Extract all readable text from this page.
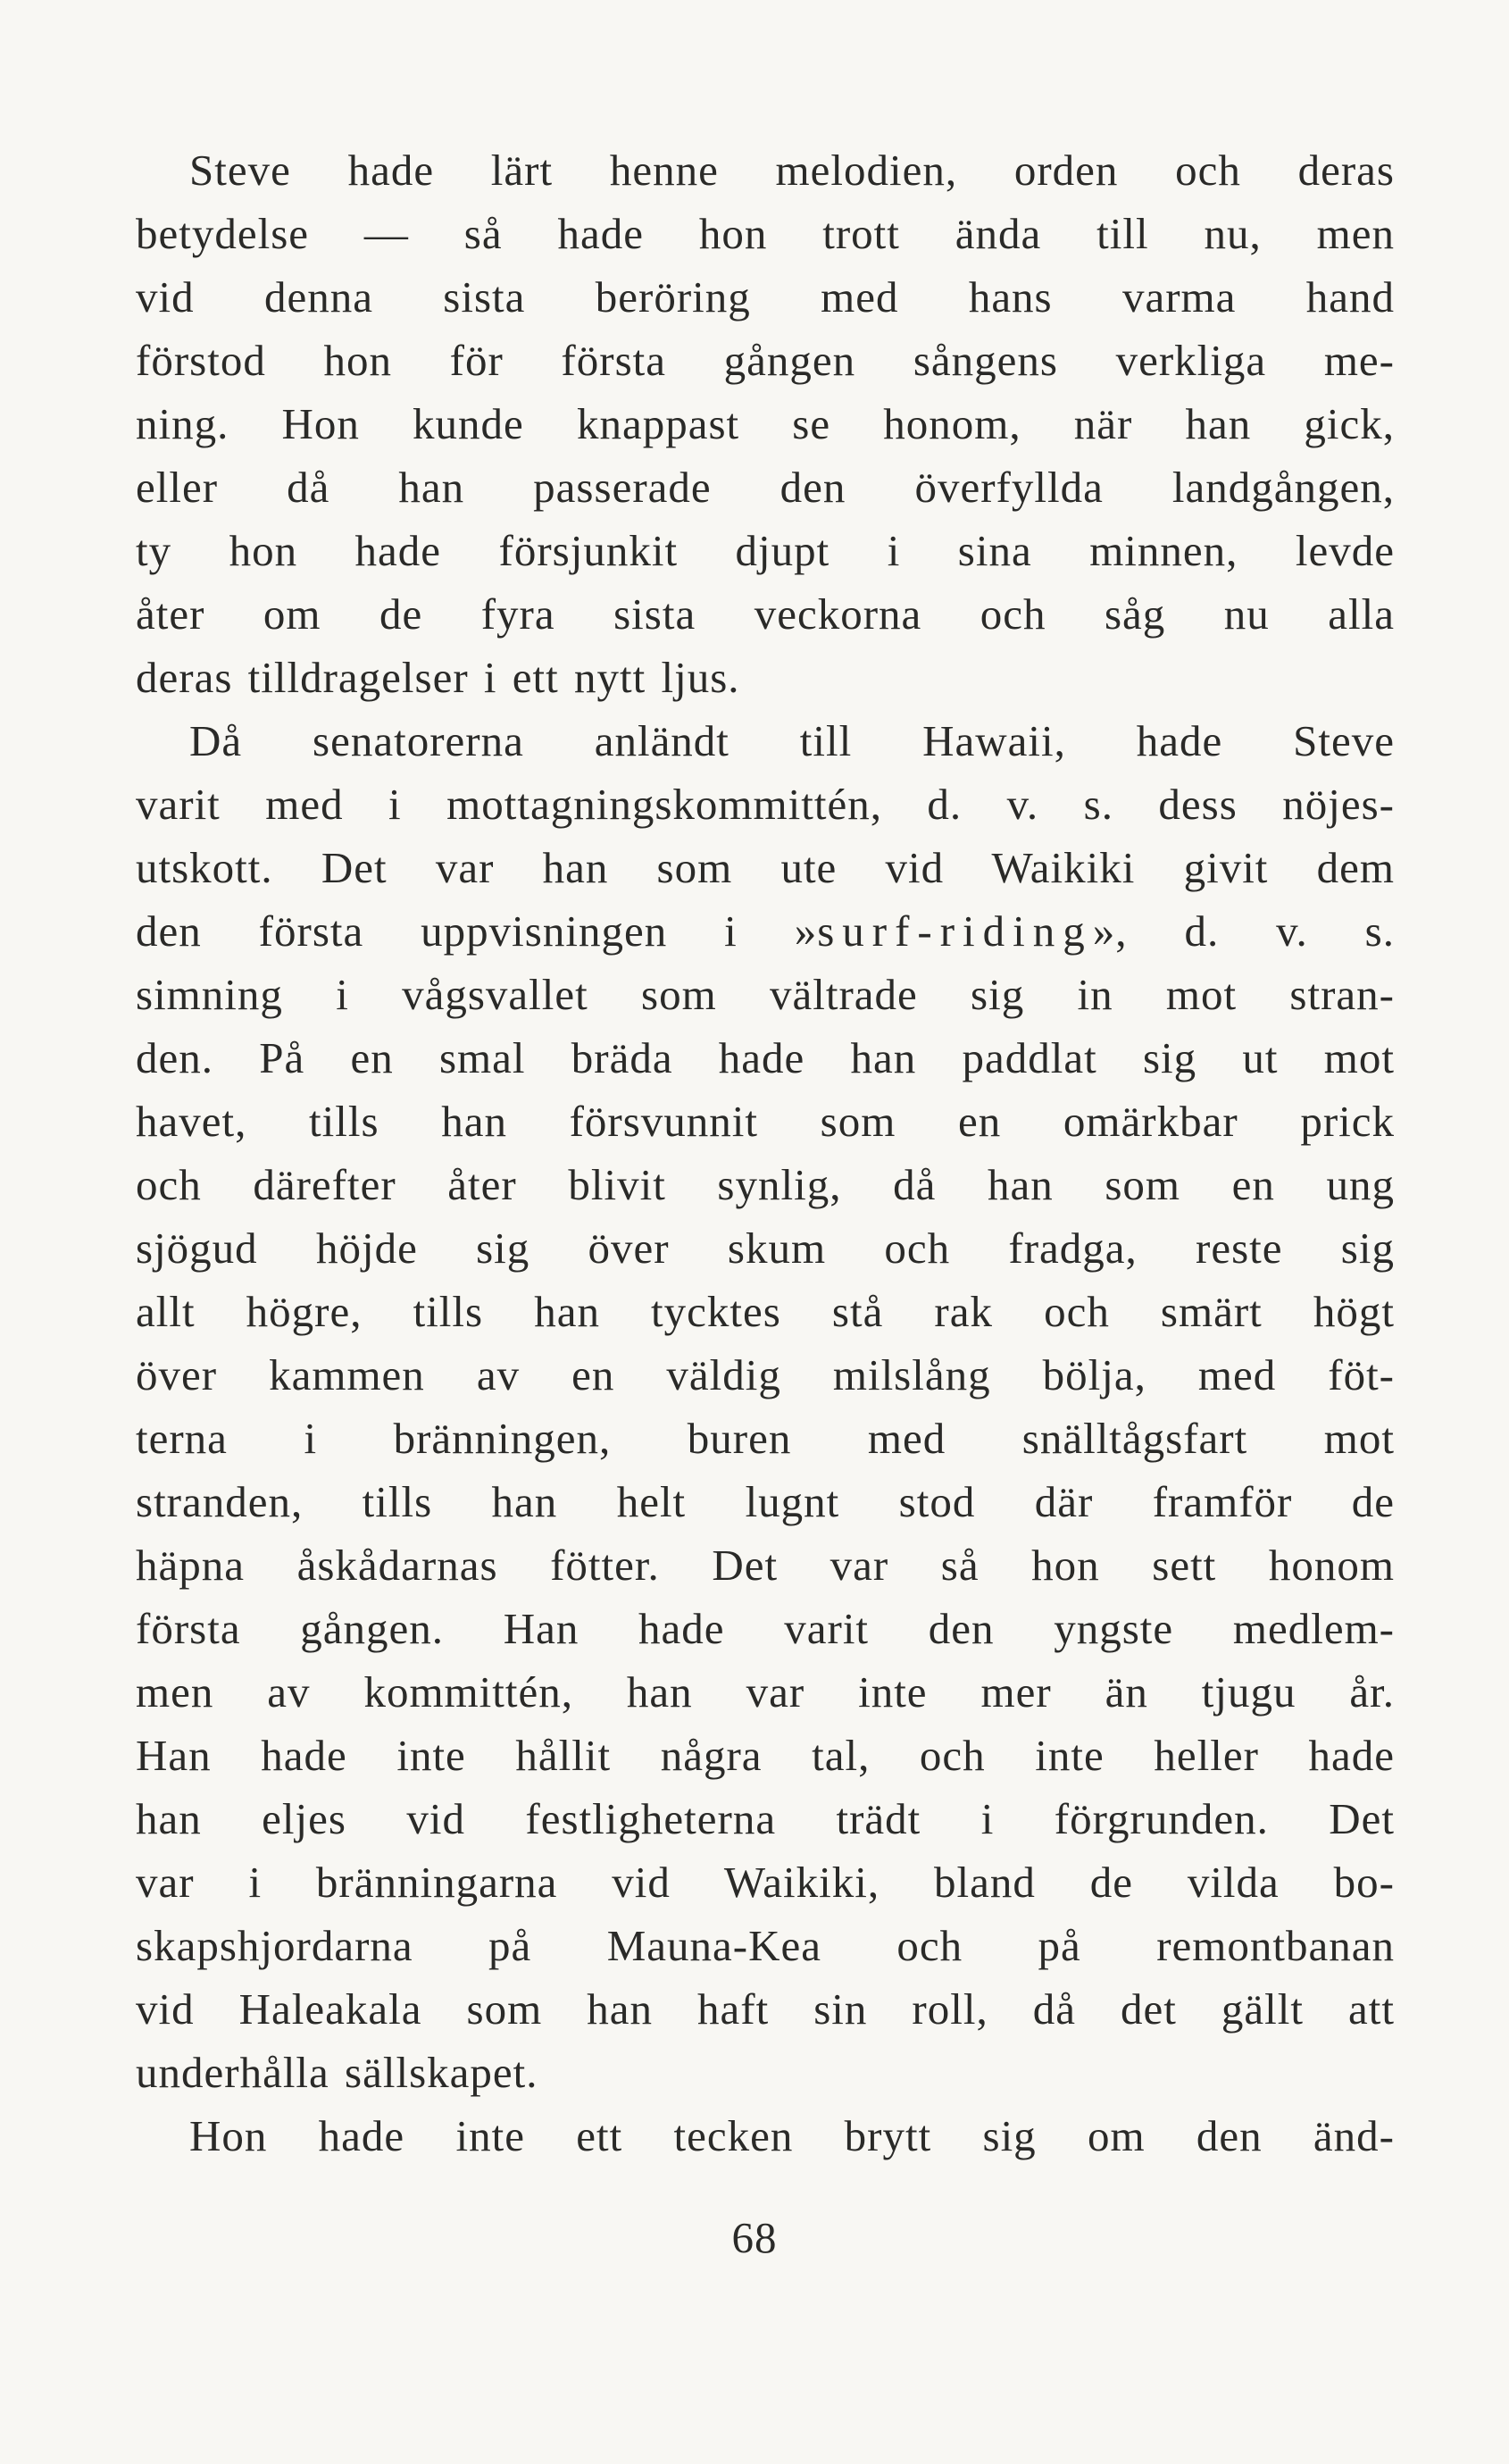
Steve hade lärt henne melodien, orden och deras
betydelse — så hade hon trott ända till nu, men
vid denna sista beröring med hans varma hand
förstod hon för första gången sångens verkliga me-
ning. Hon kunde knappast se honom, när han gick,
eller då han passerade den överfyllda landgången,
ty hon hade försjunkit djupt i sina minnen, levde
åter om de fyra sista veckorna och såg nu alla
deras tilldragelser i ett nytt ljus.
Då senatorerna anländt till Hawaii, hade Steve
varit med i mottagningskommittén, d. v. s. dess nöjes-
utskott. Det var han som ute vid Waikiki givit dem
den första uppvisningen i »surf-riding», d. v. s.
simning i vågsvallet som vältrade sig in mot stran-
den. På en smal bräda hade han paddlat sig ut mot
havet, tills han försvunnit som en omärkbar prick
och därefter åter blivit synlig, då han som en ung
sjögud höjde sig över skum och fradga, reste sig
allt högre, tills han tycktes stå rak och smärt högt
över kammen av en väldig milslång bölja, med föt-
terna i bränningen, buren med snälltågsfart mot
stranden, tills han helt lugnt stod där framför de
häpna åskådarnas fötter. Det var så hon sett honom
första gången. Han hade varit den yngste medlem-
men av kommittén, han var inte mer än tjugu år.
Han hade inte hållit några tal, och inte heller hade
han eljes vid festligheterna trädt i förgrunden. Det
var i bränningarna vid Waikiki, bland de vilda bo-
skapshjordarna på Mauna-Kea och på remontbanan
vid Haleakala som han haft sin roll, då det gällt att
underhålla sällskapet.
Hon hade inte ett tecken brytt sig om den änd-
68
